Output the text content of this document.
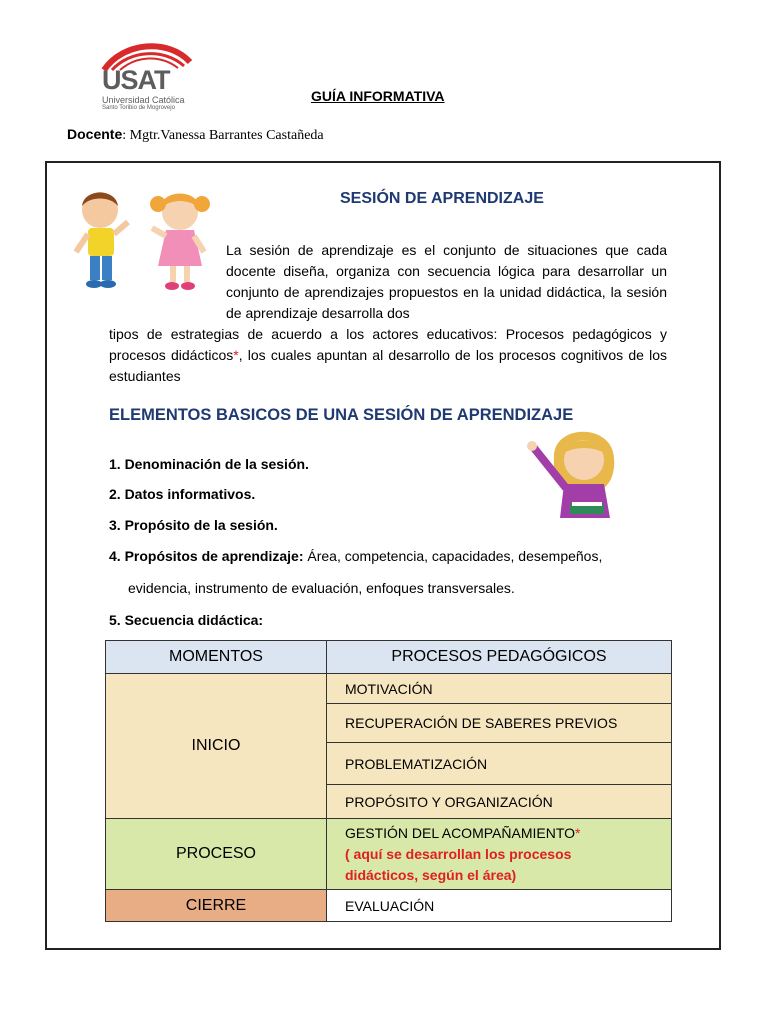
USAT
Universidad Católica
Santo Toribio de Mogrovejo
GUÍA INFORMATIVA
Docente: Mgtr.Vanessa Barrantes Castañeda
SESIÓN DE APRENDIZAJE
La sesión de aprendizaje es el conjunto de situaciones que cada docente diseña, organiza con secuencia lógica para desarrollar un conjunto de aprendizajes propuestos en la unidad didáctica, la sesión de aprendizaje desarrolla dos
tipos de estrategias de acuerdo a los actores educativos: Procesos pedagógicos y procesos didácticos*, los cuales apuntan al desarrollo de los procesos cognitivos de los estudiantes
ELEMENTOS BASICOS DE UNA SESIÓN DE APRENDIZAJE
1. Denominación de la sesión.
2. Datos informativos.
3. Propósito de la sesión.
4. Propósitos de aprendizaje: Área, competencia, capacidades, desempeños,
evidencia, instrumento de evaluación, enfoques transversales.
5. Secuencia didáctica:
MOMENTOS	PROCESOS PEDAGÓGICOS
INICIO	MOTIVACIÓN
	RECUPERACIÓN DE SABERES PREVIOS
	PROBLEMATIZACIÓN
	PROPÓSITO Y ORGANIZACIÓN
PROCESO	GESTIÓN DEL ACOMPAÑAMIENTO*
( aquí se desarrollan los procesos
didácticos, según el área)
CIERRE	EVALUACIÓN
